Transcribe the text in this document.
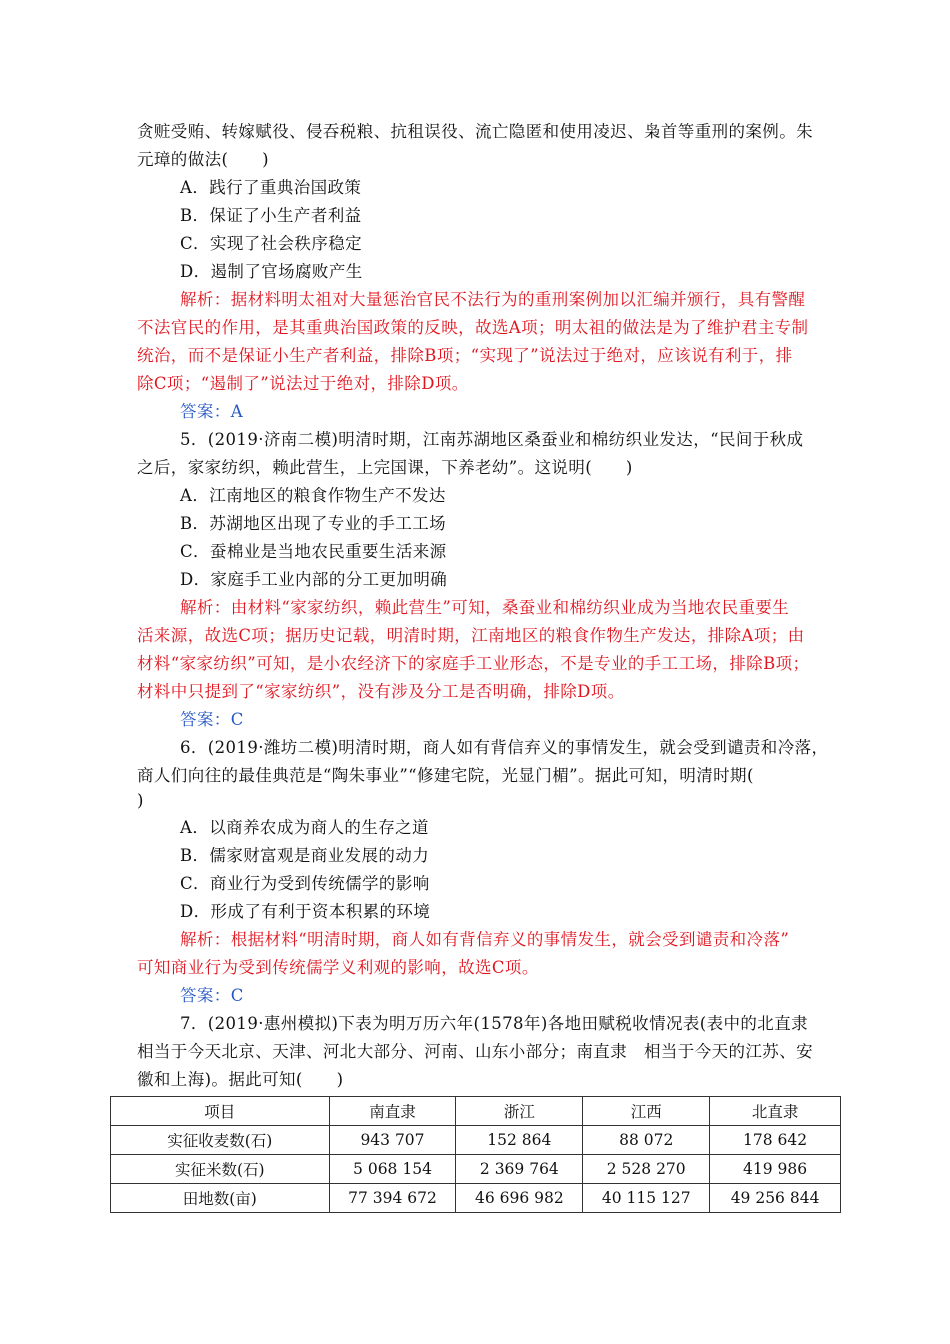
贪赃受贿、转嫁赋役、侵吞税粮、抗租误役、流亡隐匿和使用凌迟、枭首等重刑的案例。朱
元璋的做法(　　)
A．践行了重典治国政策
B．保证了小生产者利益
C．实现了社会秩序稳定
D．遏制了官场腐败产生
解析：据材料明太祖对大量惩治官民不法行为的重刑案例加以汇编并颁行，具有警醒
不法官民的作用，是其重典治国政策的反映，故选A项；明太祖的做法是为了维护君主专制
统治，而不是保证小生产者利益，排除B项；“实现了”说法过于绝对，应该说有利于，排
除C项；“遏制了”说法过于绝对，排除D项。
答案：A
5．(2019·济南二模)明清时期，江南苏湖地区桑蚕业和棉纺织业发达，“民间于秋成
之后，家家纺织，赖此营生，上完国课，下养老幼”。这说明(　　)
A．江南地区的粮食作物生产不发达
B．苏湖地区出现了专业的手工工场
C．蚕棉业是当地农民重要生活来源
D．家庭手工业内部的分工更加明确
解析：由材料“家家纺织，赖此营生”可知，桑蚕业和棉纺织业成为当地农民重要生
活来源，故选C项；据历史记载，明清时期，江南地区的粮食作物生产发达，排除A项；由
材料“家家纺织”可知，是小农经济下的家庭手工业形态，不是专业的手工工场，排除B项；
材料中只提到了“家家纺织”，没有涉及分工是否明确，排除D项。
答案：C
6．(2019·潍坊二模)明清时期，商人如有背信弃义的事情发生，就会受到谴责和冷落，
商人们向往的最佳典范是“陶朱事业”“修建宅院，光显门楣”。据此可知，明清时期(
)
A．以商养农成为商人的生存之道
B．儒家财富观是商业发展的动力
C．商业行为受到传统儒学的影响
D．形成了有利于资本积累的环境
解析：根据材料“明清时期，商人如有背信弃义的事情发生，就会受到谴责和冷落”
可知商业行为受到传统儒学义利观的影响，故选C项。
答案：C
7．(2019·惠州模拟)下表为明万历六年(1578年)各地田赋税收情况表(表中的北直隶
相当于今天北京、天津、河北大部分、河南、山东小部分；南直隶　相当于今天的江苏、安
徽和上海)。据此可知(　　)
项目	南直隶	浙江	江西	北直隶
实征收麦数(石)	943 707	152 864	88 072	178 642
实征米数(石)	5 068 154	2 369 764	2 528 270	419 986
田地数(亩)	77 394 672	46 696 982	40 115 127	49 256 844
